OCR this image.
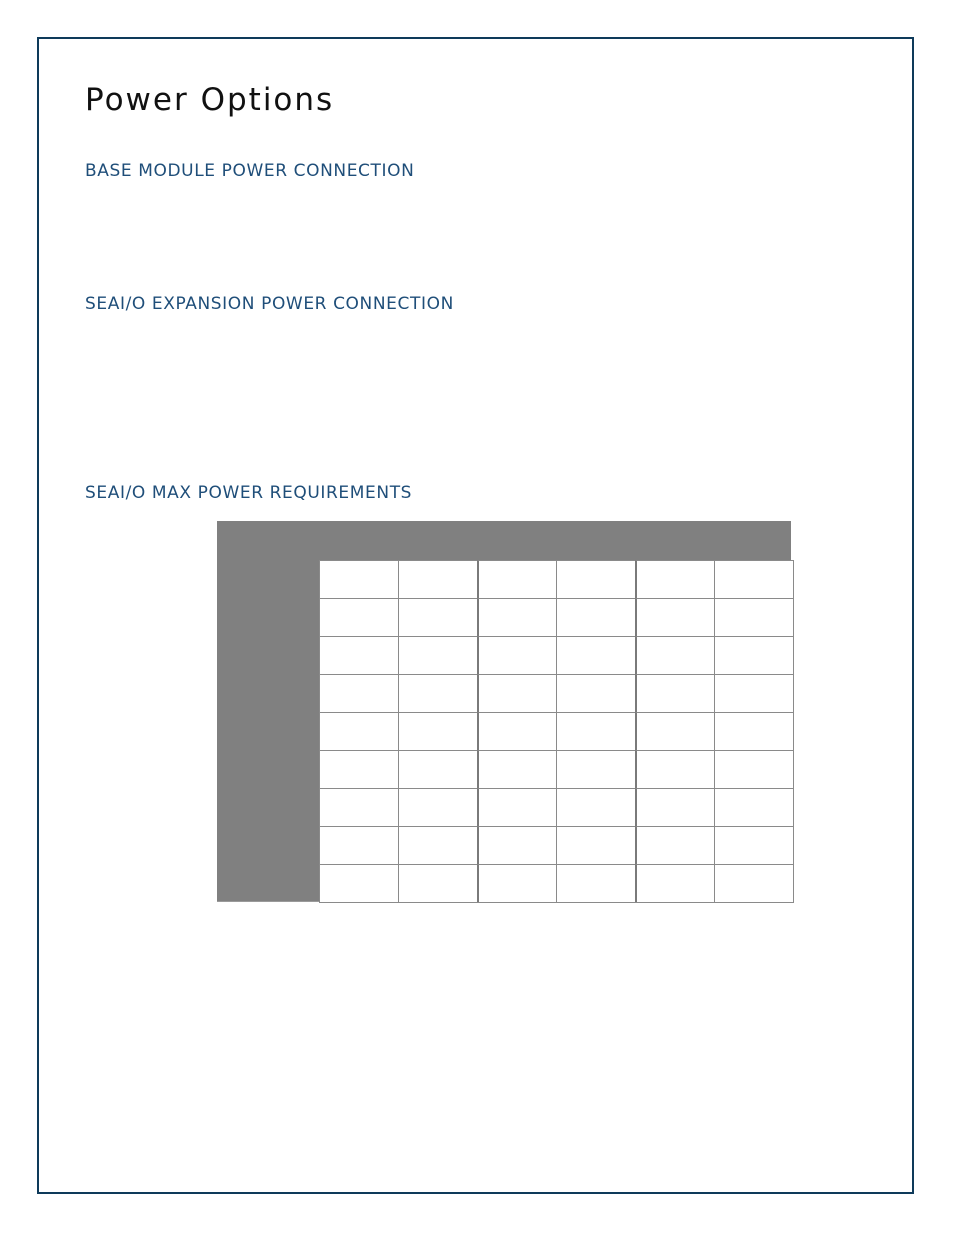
Power Options
BASE MODULE POWER CONNECTION
SEAI/O EXPANSION POWER CONNECTION
SEAI/O MAX POWER REQUIREMENTS
